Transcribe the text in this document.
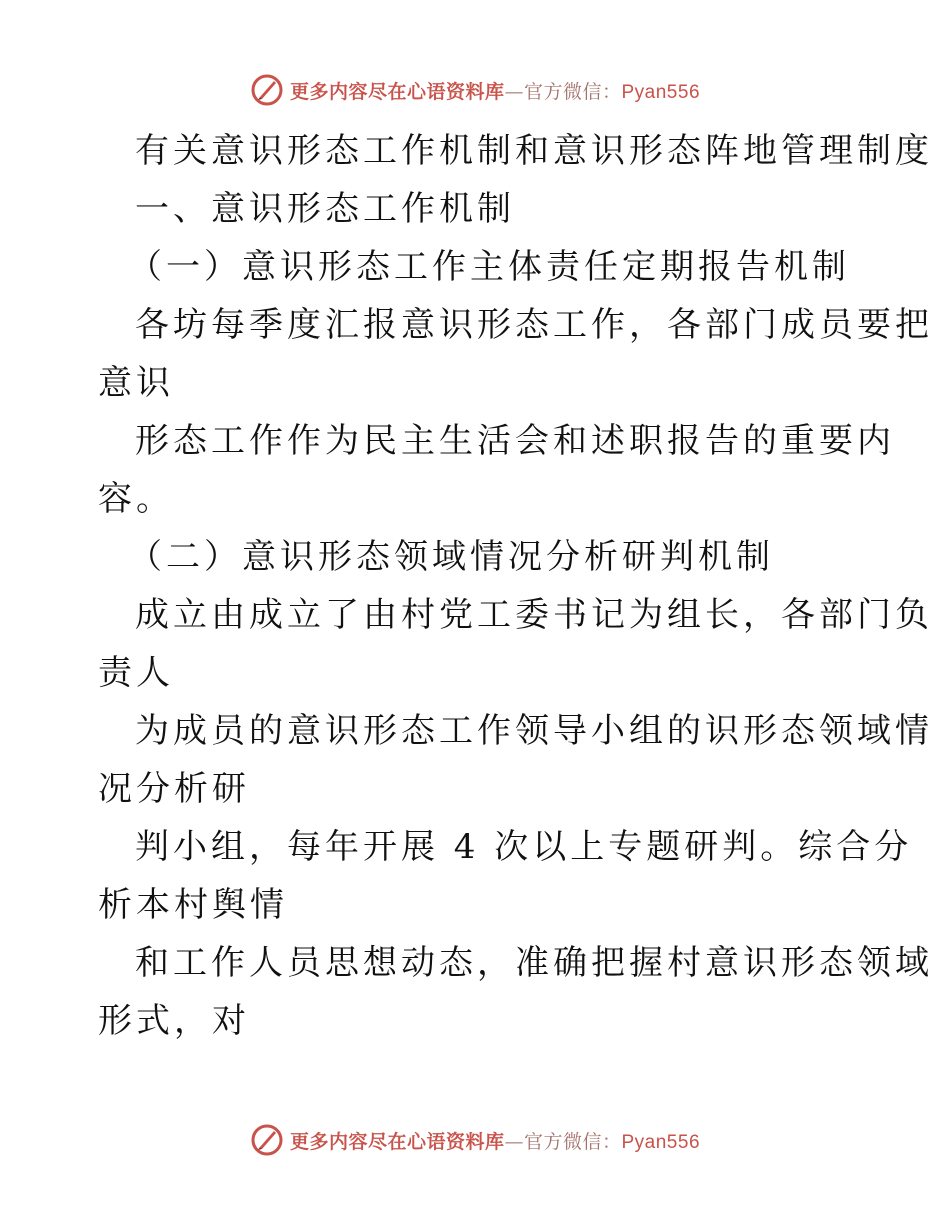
更多内容尽在心语资料库—官方微信：Pyan556
有关意识形态工作机制和意识形态阵地管理制度
一、意识形态工作机制
（一）意识形态工作主体责任定期报告机制
各坊每季度汇报意识形态工作，各部门成员要把
意识
形态工作作为民主生活会和述职报告的重要内
容。
（二）意识形态领域情况分析研判机制
成立由成立了由村党工委书记为组长，各部门负
责人
为成员的意识形态工作领导小组的识形态领域情
况分析研
判小组，每年开展 4 次以上专题研判。综合分
析本村舆情
和工作人员思想动态，准确把握村意识形态领域
形式，对
更多内容尽在心语资料库—官方微信：Pyan556
